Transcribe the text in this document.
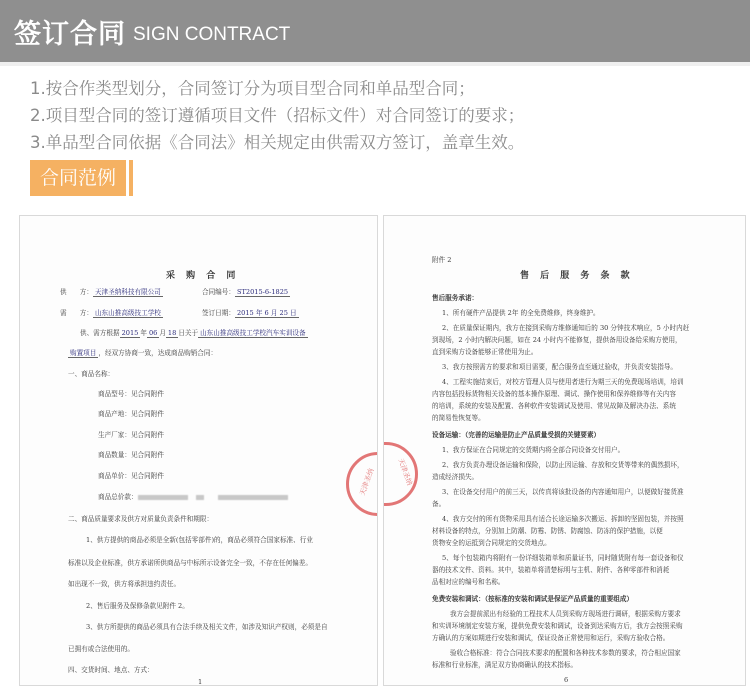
签订合同 SIGN CONTRACT
1.按合作类型划分，合同签订分为项目型合同和单品型合同；
2.项目型合同的签订遵循项目文件（招标文件）对合同签订的要求；
3.单品型合同依据《合同法》相关规定由供需双方签订，盖章生效。
合同范例
采 购 合 同
供　　方： 天津圣纳科技有限公司	合同编号： ST2015-6-1825
需　　方： 山东山推高级技工学校	签订日期： 2015 年 6 月 25 日
供、需方根据 2015 年 06 月 18 日关于 山东山推高级技工学校汽车实训设备
购置项目 ，经双方协商一致，达成商品购销合同：
一、商品名称：
商品型号：见合同附件
商品产地：见合同附件
生产厂家：见合同附件
商品数量：见合同附件
商品单价：见合同附件
商品总价款：
二、商品质量要求及供方对质量负责条件和期限：
1、供方提供的商品必须是全新(包括零部件)的，商品必须符合国家标准、行业
标准以及企业标准，供方承诺所供商品与中标所示设备完全一致，不存在任何偏差。
如出现不一致，供方将承担违约责任。
2、售后服务及保修条款见附件 2。
3、供方所提供的商品必须具有合法手续及相关文件，如涉及知识产权则，必须是自
已拥有或合法使用的。
四、交货时间、地点、方式：
1
天津圣纳
附件 2
售 后 服 务 条 款
售后服务承诺：
1、所有硬件产品提供 2年 的全免费维修，终身维护。
2、在质量保证期内，我方在接到采购方维修通知后的 30 分钟技术响应，5 小时内赶
到现场，2 小时内解决问题，如在 24 小时内不能修复，提供备用设备给采购方使用，
直到采购方设备能够正常使用为止。
3、我方按照需方的要求和项目需要，配合服务直至通过验收，并负责安装指导。
4、工程实施结束后，对校方管理人员与使用者进行为期三天的免费现场培训，培训
内容包括投标货物相关设备的基本操作原理、调试、操作使用和保养维修等有关内容
的培训，系统的安装及配置、各种软件安装调试及使用、常见故障及解决办法、系统
的简易性恢复等。
设备运输：（完善的运输是防止产品质量受损的关键要素）
1、我方保证在合同规定的交货期内将全部合同设备交付用户。
2、我方负责办理设备运输和保险，以防止因运输、存放和交货等带来的偶然损坏，
造成经济损失。
3、在设备交付用户的前三天，以传真将该批设备的内容通知用户，以便做好接货准
备。
4、我方交付的所有货物采用具有适合长途运输多次搬运、拆卸的坚固包装，并按照
材料设备的特点，分别加上防潮、防霉、防锈、防腐蚀、防冻的保护措施，以便
货物安全的运抵到合同规定的交货地点。
5、每个包装箱内将附有一份详细装箱单和质量证书，同时随货附有每一套设备和仪
器的技术文件、资料。其中，装箱单将清楚标明与主机、附件、各种零部件和消耗
品相对应的编号和名称。
免费安装和调试：（按标准的安装和调试是保证产品质量的重要组成）
我方会提前派出有经验的工程技术人员到采购方现场进行调研，根据采购方要求
和实训环境制定安装方案，提供免费安装和调试，设备到达采购方后，我方会按照采购
方确认的方案如期进行安装和调试，保证设备正常使用和运行，采购方验收合格。
验收合格标准：符合合同技术要求的配置和各种技术参数的要求，符合相应国家
标准和行业标准，满足双方协商确认的技术指标。
6
天津圣纳
